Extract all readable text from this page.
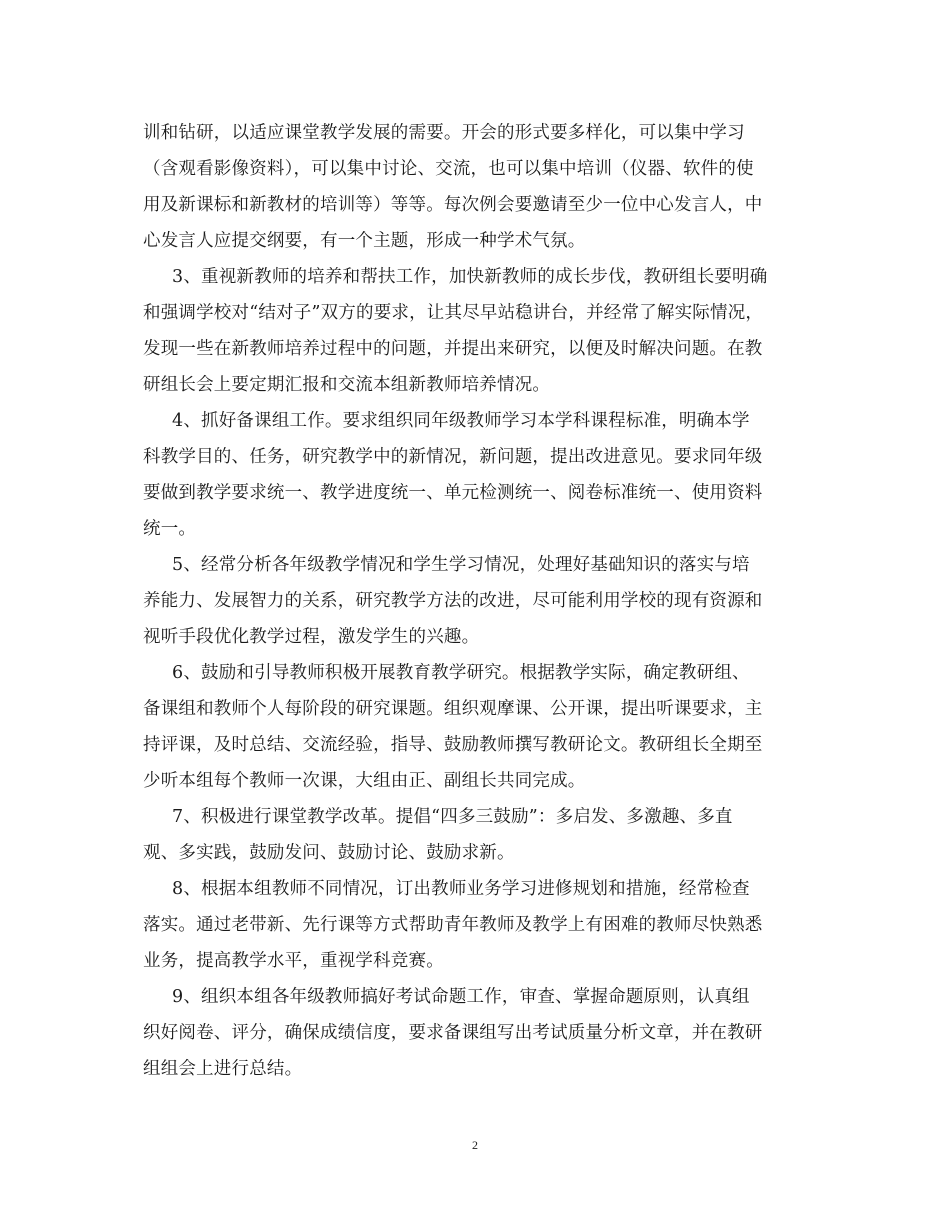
训和钻研，以适应课堂教学发展的需要。开会的形式要多样化，可以集中学习
（含观看影像资料），可以集中讨论、交流，也可以集中培训（仪器、软件的使
用及新课标和新教材的培训等）等等。每次例会要邀请至少一位中心发言人，中
心发言人应提交纲要，有一个主题，形成一种学术气氛。
3、重视新教师的培养和帮扶工作，加快新教师的成长步伐，教研组长要明确
和强调学校对“结对子”双方的要求，让其尽早站稳讲台，并经常了解实际情况，
发现一些在新教师培养过程中的问题，并提出来研究，以便及时解决问题。在教
研组长会上要定期汇报和交流本组新教师培养情况。
4、抓好备课组工作。要求组织同年级教师学习本学科课程标准，明确本学
科教学目的、任务，研究教学中的新情况，新问题，提出改进意见。要求同年级
要做到教学要求统一、教学进度统一、单元检测统一、阅卷标准统一、使用资料
统一。
5、经常分析各年级教学情况和学生学习情况，处理好基础知识的落实与培
养能力、发展智力的关系，研究教学方法的改进，尽可能利用学校的现有资源和
视听手段优化教学过程，激发学生的兴趣。
6、鼓励和引导教师积极开展教育教学研究。根据教学实际，确定教研组、
备课组和教师个人每阶段的研究课题。组织观摩课、公开课，提出听课要求，主
持评课，及时总结、交流经验，指导、鼓励教师撰写教研论文。教研组长全期至
少听本组每个教师一次课，大组由正、副组长共同完成。
7、积极进行课堂教学改革。提倡“四多三鼓励”：多启发、多激趣、多直
观、多实践，鼓励发问、鼓励讨论、鼓励求新。
8、根据本组教师不同情况，订出教师业务学习进修规划和措施，经常检查
落实。通过老带新、先行课等方式帮助青年教师及教学上有困难的教师尽快熟悉
业务，提高教学水平，重视学科竞赛。
9、组织本组各年级教师搞好考试命题工作，审查、掌握命题原则，认真组
织好阅卷、评分，确保成绩信度，要求备课组写出考试质量分析文章，并在教研
组组会上进行总结。
2
